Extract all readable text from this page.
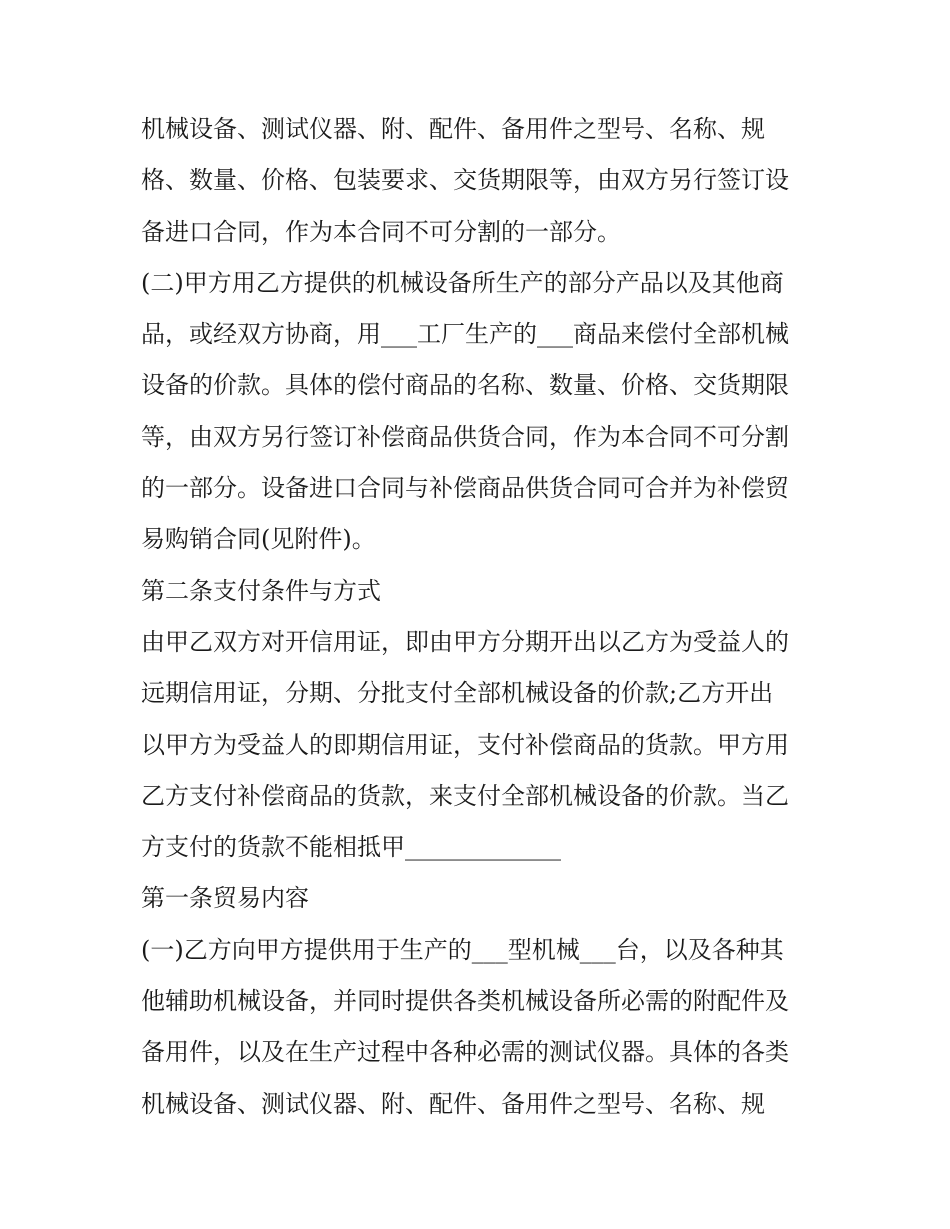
机械设备、测试仪器、附、配件、备用件之型号、名称、规
格、数量、价格、包装要求、交货期限等，由双方另行签订设
备进口合同，作为本合同不可分割的一部分。
(二)甲方用乙方提供的机械设备所生产的部分产品以及其他商
品，或经双方协商，用___工厂生产的___商品来偿付全部机械
设备的价款。具体的偿付商品的名称、数量、价格、交货期限
等，由双方另行签订补偿商品供货合同，作为本合同不可分割
的一部分。设备进口合同与补偿商品供货合同可合并为补偿贸
易购销合同(见附件)。
第二条支付条件与方式
由甲乙双方对开信用证，即由甲方分期开出以乙方为受益人的
远期信用证，分期、分批支付全部机械设备的价款;乙方开出
以甲方为受益人的即期信用证，支付补偿商品的货款。甲方用
乙方支付补偿商品的货款，来支付全部机械设备的价款。当乙
方支付的货款不能相抵甲_____________
第一条贸易内容
(一)乙方向甲方提供用于生产的___型机械___台，以及各种其
他辅助机械设备，并同时提供各类机械设备所必需的附配件及
备用件，以及在生产过程中各种必需的测试仪器。具体的各类
机械设备、测试仪器、附、配件、备用件之型号、名称、规
